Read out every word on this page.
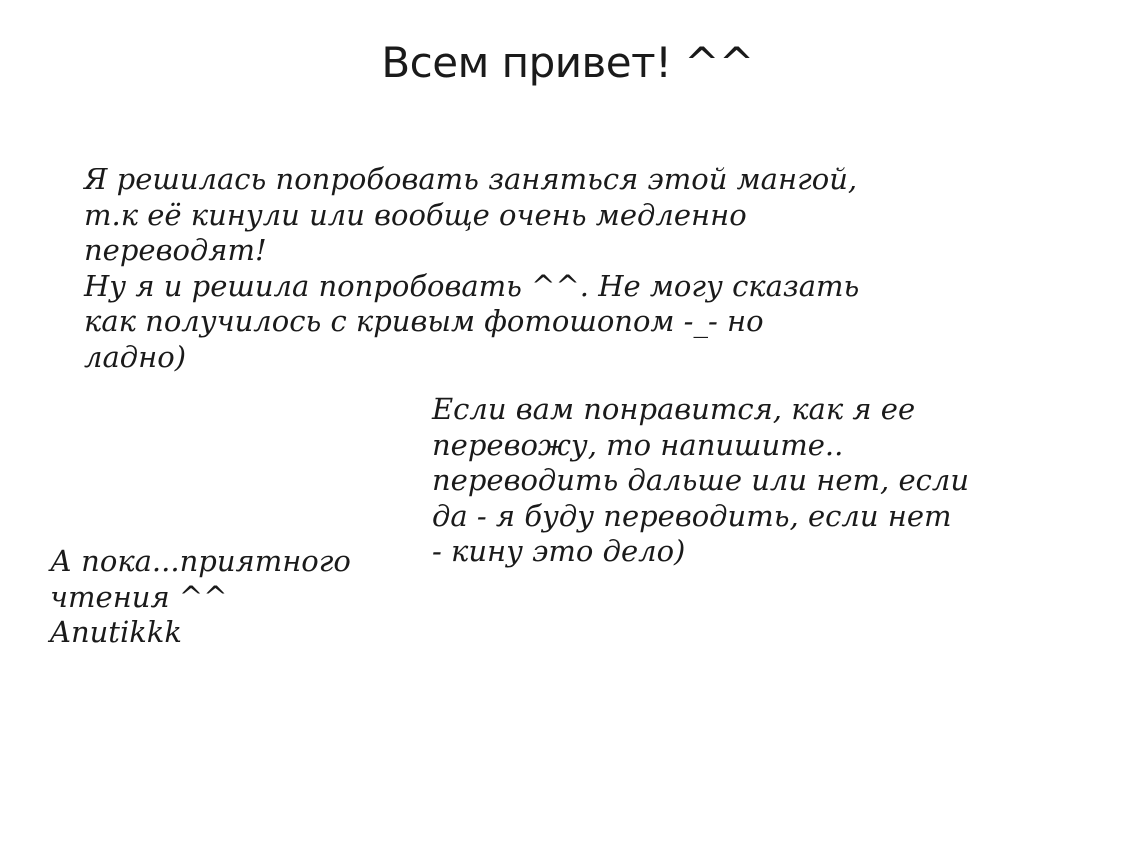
Всем привет! ^^
Я решилась попробовать заняться этой мангой,
т.к её кинули или вообще очень медленно
переводят!
Ну я и решила попробовать ^^. Не могу сказать
как получилось с кривым фотошопом -_- но
ладно)
Если вам понравится, как я ее
перевожу, то напишите..
переводить дальше или нет, если
да - я буду переводить, если нет
- кину это дело)
А пока...приятного
чтения ^^
Anutikkk
